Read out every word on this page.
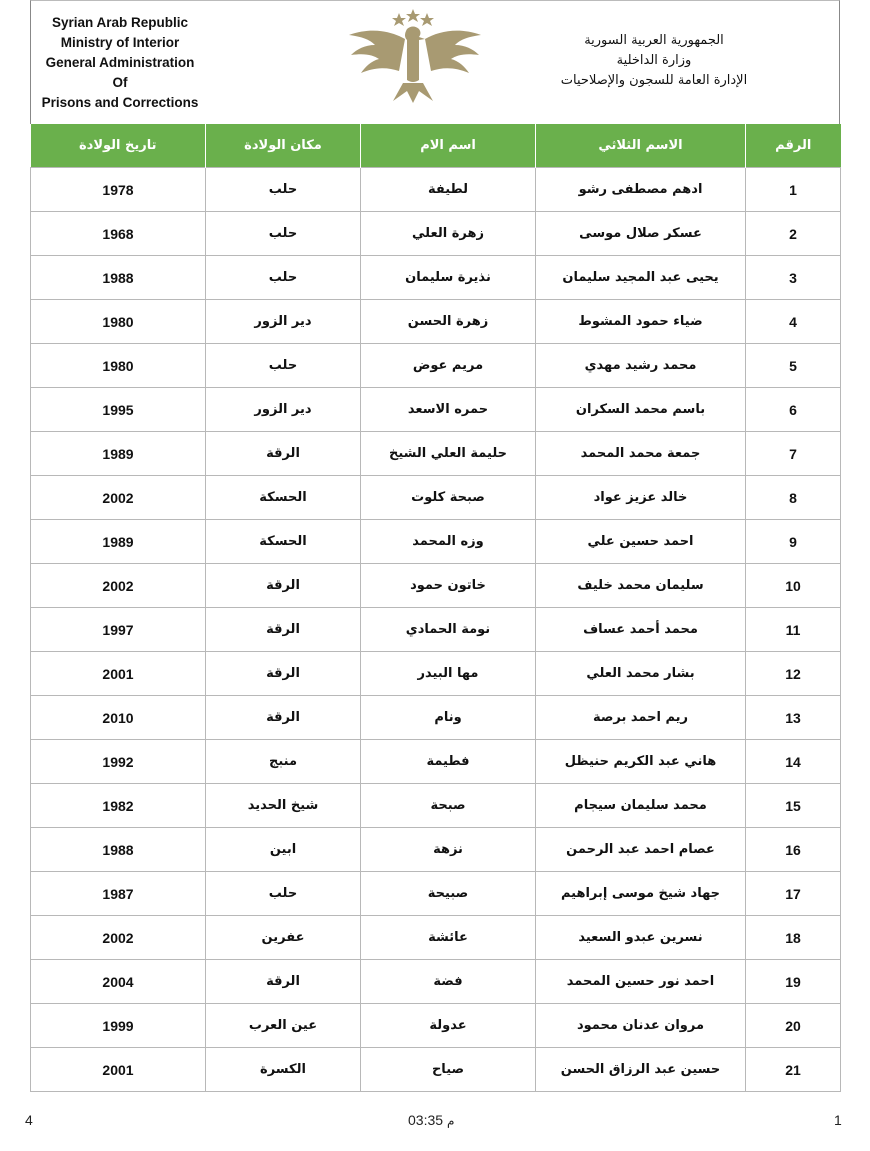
Syrian Arab Republic
Ministry of Interior
General Administration
Of
Prisons and Corrections
الجمهورية العربية السورية
وزارة الداخلية
الإدارة العامة للسجون والإصلاحيات
الرقم	الاسم الثلاثي	اسم الام	مكان الولادة	تاريخ الولادة
1	ادهم مصطفى رشو	لطيفة	حلب	1978
2	عسكر صلال موسى	زهرة العلي	حلب	1968
3	يحيى عبد المجيد سليمان	نذيرة سليمان	حلب	1988
4	ضياء حمود المشوط	زهرة الحسن	دير الزور	1980
5	محمد رشيد مهدي	مريم عوض	حلب	1980
6	باسم محمد السكران	حمره الاسعد	دير الزور	1995
7	جمعة محمد المحمد	حليمة العلي الشيخ	الرقة	1989
8	خالد عزيز عواد	صبحة كلوت	الحسكة	2002
9	احمد حسين علي	وزه المحمد	الحسكة	1989
10	سليمان محمد خليف	خاتون حمود	الرقة	2002
11	محمد أحمد عساف	نومة الحمادي	الرقة	1997
12	بشار محمد العلي	مها البيدر	الرقة	2001
13	ريم احمد برصة	ونام	الرقة	2010
14	هاني عبد الكريم حنيظل	فطيمة	منبج	1992
15	محمد سليمان سيجام	صبحة	شيخ الحديد	1982
16	عصام احمد عبد الرحمن	نزهة	ابين	1988
17	جهاد شيخ موسى إبراهيم	صبيحة	حلب	1987
18	نسرين عبدو السعيد	عائشة	عفرين	2002
19	احمد نور حسين المحمد	فضة	الرقة	2004
20	مروان عدنان محمود	عدولة	عين العرب	1999
21	حسين عبد الرزاق الحسن	صياح	الكسرة	2001
4	03:35 م	1
